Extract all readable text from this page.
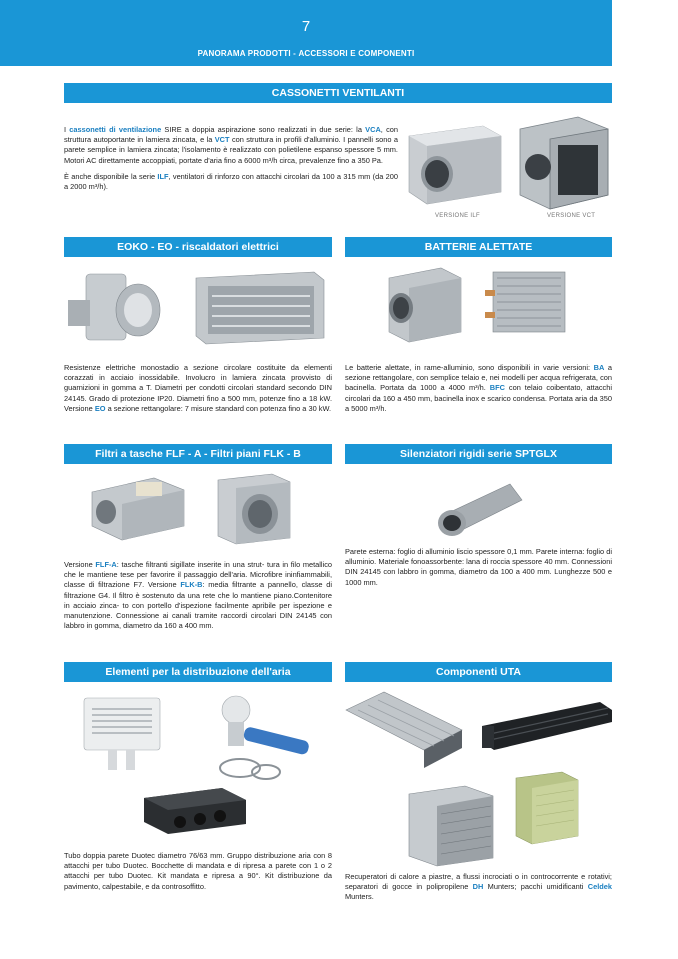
7
PANORAMA PRODOTTI - ACCESSORI E COMPONENTI
CASSONETTI VENTILANTI

I cassonetti di ventilazione SIRE a doppia aspirazione sono realizzati in due serie: la VCA, con struttura autoportante in lamiera zincata, e la VCT con struttura in profili d'alluminio. I pannelli sono a parete semplice in lamiera zincata; l'isolamento è realizzato con polietilene espanso spessore 5 mm. Motori AC direttamente accoppiati, portate d'aria fino a 6000 m³/h circa, prevalenze fino a 350 Pa.

È anche disponibile la serie ILF, ventilatori di rinforzo con attacchi circolari da 100 a 315 mm (da 200 a 2000 m³/h).

VERSIONE ILF	VERSIONE VCT
EOKO - EO - riscaldatori elettrici
Resistenze elettriche monostadio a sezione circolare costituite da elementi corazzati in acciaio inossidabile. Involucro in lamiera zincata provvisto di guarnizioni in gomma a T. Diametri per condotti circolari standard secondo DIN 24145. Grado di protezione IP20. Diametri fino a 500 mm, potenze fino a 18 kW. Versione EO a sezione rettangolare: 7 misure standard con potenza fino a 30 kW.
BATTERIE ALETTATE
Le batterie alettate, in rame-alluminio, sono disponibili in varie versioni: BA a sezione rettangolare, con semplice telaio e, nei modelli per acqua refrigerata, con bacinella. Portata da 1000 a 4000 m³/h. BFC con telaio coibentato, attacchi circolari da 160 a 450 mm, bacinella inox e scarico condensa. Portata aria da 350 a 5000 m³/h.
Filtri a tasche FLF - A - Filtri piani FLK - B
Versione FLF-A: tasche filtranti sigillate inserite in una strut- tura in filo metallico che le mantiene tese per favorire il passaggio dell'aria. Microfibre ininfiammabili, classe di filtrazione F7. Versione FLK-B: media filtrante a pannello, classe di filtrazione G4. Il filtro è sostenuto da una rete che lo mantiene piano.Contenitore in acciaio zinca- to con portello d'ispezione facilmente apribile per ispezione e manutenzione. Connessione ai canali tramite raccordi circolari DIN 24145 con labbro in gomma, diametro da 160 a 400 mm.
Silenziatori rigidi serie SPTGLX
Parete esterna: foglio di alluminio liscio spessore 0,1 mm. Parete interna: foglio di alluminio. Materiale fonoassorbente: lana di roccia spessore 40 mm. Connessioni DIN 24145 con labbro in gomma, diametro da 100 a 400 mm. Lunghezze 500 e 1000 mm.
Elementi per la distribuzione dell'aria
Tubo doppia parete Duotec diametro 76/63 mm. Gruppo distribuzione aria con 8 attacchi per tubo Duotec. Bocchette di mandata e di ripresa a parete con 1 o 2 attacchi per tubo Duotec. Kit mandata e ripresa a 90°. Kit distribuzione da pavimento, calpestabile, e da controsoffitto.
Componenti UTA
Recuperatori di calore a piastre, a flussi incrociati o in controcorrente e rotativi; separatori di gocce in polipropilene DH Munters; pacchi umidificanti Celdek Munters.
